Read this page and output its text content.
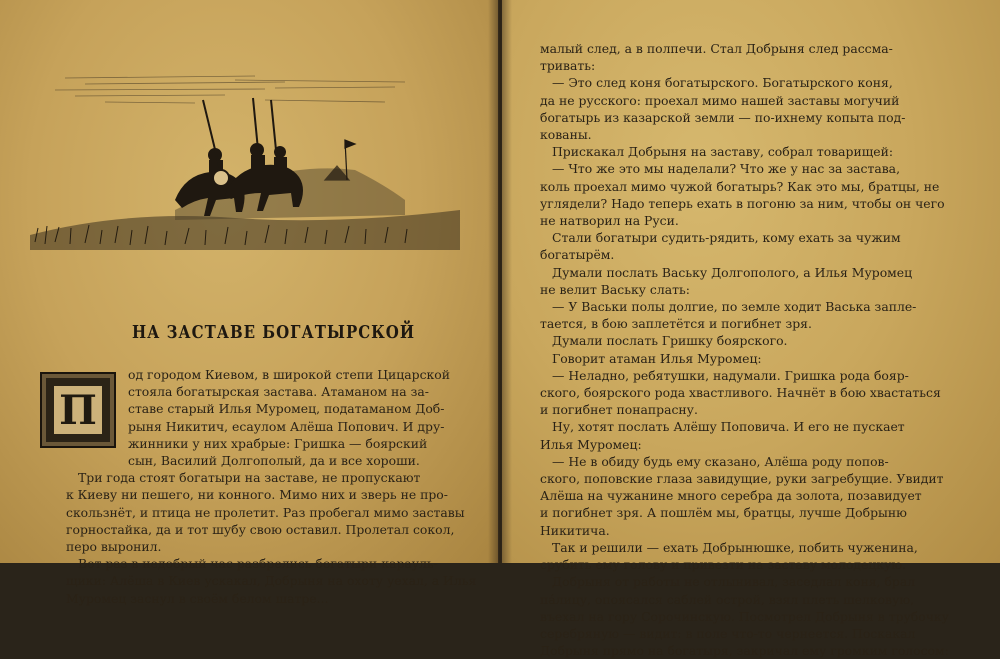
НА ЗАСТАВЕ БОГАТЫРСКОЙ
П
од городом Киевом, в широкой степи Цицарской
стояла богатырская застава. Атаманом на за-
ставе старый Илья Муромец, податаманом Доб-
рыня Никитич, есаулом Алёша Попович. И дру-
жинники у них храбрые: Гришка — боярский
сын, Василий Долгополый, да и все хороши.
Три года стоят богатыри на заставе, не пропускают
к Киеву ни пешего, ни конного. Мимо них и зверь не про-
скользнёт, и птица не пролетит. Раз пробегал мимо заставы
горностайка, да и тот шубу свою оставил. Пролетал сокол,
перо выронил.
Вот раз в недобрый час разбрелись богатыри-карауль-
щики: Алёша в Киев ускакал, Добрыня на охоту уехал, а Илья
Муромец заснул в своём белом шатре...
малый след, а в полпечи. Стал Добрыня след рассма-
тривать:
— Это след коня богатырского. Богатырского коня,
да не русского: проехал мимо нашей заставы могучий
богатырь из казарской земли — по-ихнему копыта под-
кованы.
Прискакал Добрыня на заставу, собрал товарищей:
— Что же это мы наделали? Что же у нас за застава,
коль проехал мимо чужой богатырь? Как это мы, братцы, не
углядели? Надо теперь ехать в погоню за ним, чтобы он чего
не натворил на Руси.
Стали богатыри судить-рядить, кому ехать за чужим
богатырём.
Думали послать Ваську Долгополого, а Илья Муромец
не велит Ваську слать:
— У Васьки полы долгие, по земле ходит Васька заплe-
тается, в бою заплетётся и погибнет зря.
Думали послать Гришку боярского.
Говорит атаман Илья Муромец:
— Неладно, ребятушки, надумали. Гришка рода бояр-
ского, боярского рода хвастливого. Начнёт в бою хвастаться
и погибнет понапрасну.
Ну, хотят послать Алёшу Поповича. И его не пускает
Илья Муромец:
— Не в обиду будь ему сказано, Алёша роду попов-
ского, поповские глаза завидущие, руки загребущие. Увидит
Алёша на чужанине много серебра да золота, позавидует
и погибнет зря. А пошлём мы, братцы, лучше Добрыню
Никитича.
Так и решили — ехать Добрынюшке, побить чуженина,
срубить ему голову и привезти на заставу молодецкую.
Добрыня от работы не отлынивал, заседлал коня, брал
пáлицу, опоясался саблей острой, взял плеть шелковую,
въехал на гору Сорочинскую. Посмотрел Добрыня в трубочку
серебряную — видит: в поле что-то чернеется. Поскакал
Добрыня прямо на богатыря, закричал ему громким голосом:
